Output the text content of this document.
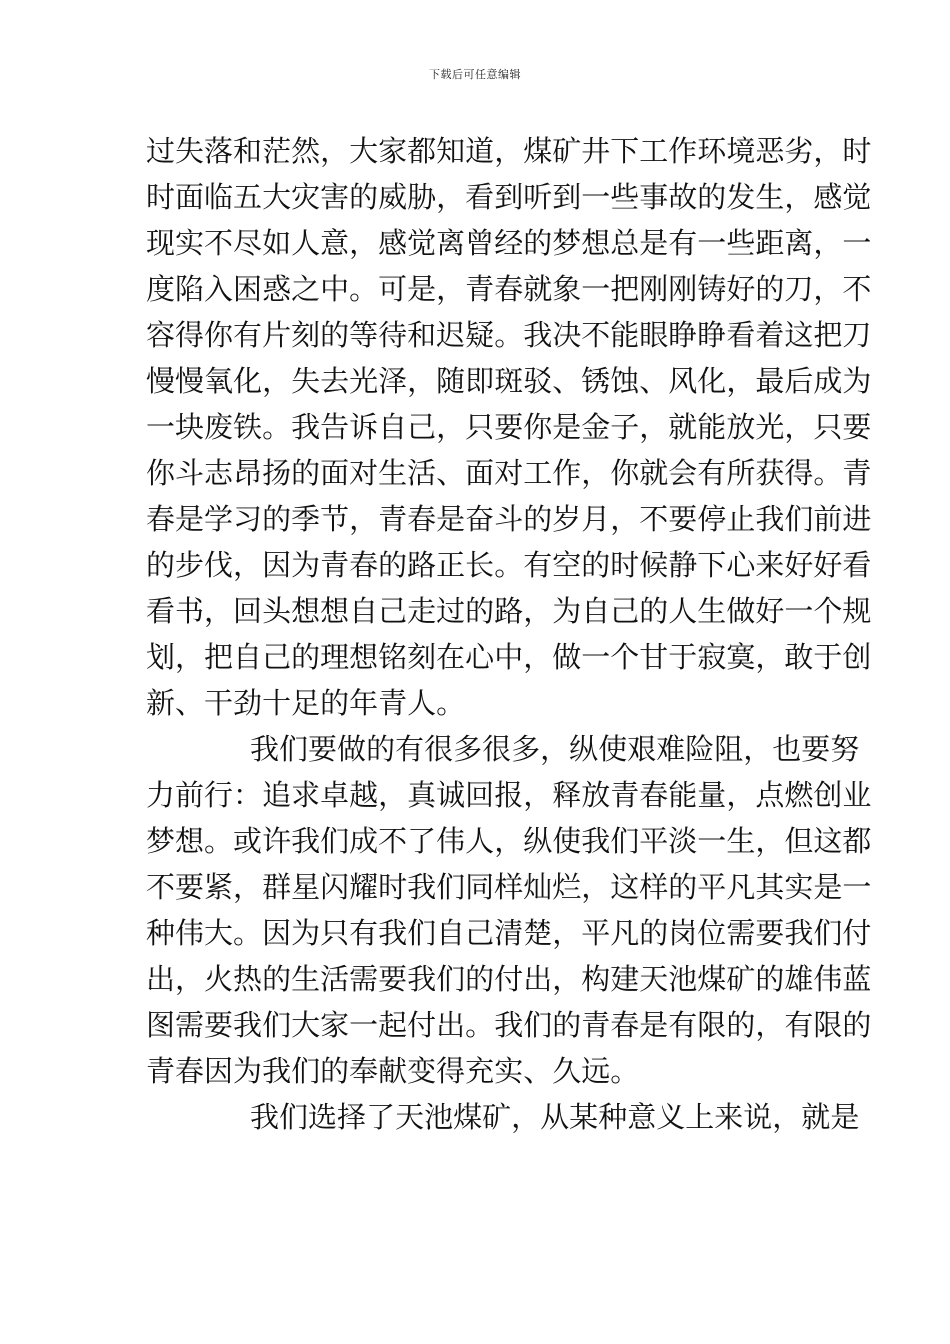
下载后可任意编辑
过 失 落 和 茫 然 ， 大 家 都 知 道 ， 煤 矿 井 下 工 作 环 境 恶 劣 ， 时
时 面 临 五 大 灾 害 的 威 胁 ， 看 到 听 到 一 些 事 故 的 发 生 ， 感 觉
现 实 不 尽 如 人 意 ， 感 觉 离 曾 经 的 梦 想 总 是 有 一 些 距 离 ， 一
度 陷 入 困 惑 之 中 。 可 是 ， 青 春 就 象 一 把 刚 刚 铸 好 的 刀 ， 不
容 得 你 有 片 刻 的 等 待 和 迟 疑 。 我 决 不 能 眼 睁 睁 看 着 这 把 刀
慢 慢 氧 化 ， 失 去 光 泽 ， 随 即 斑 驳 、 锈 蚀 、 风 化 ， 最 后 成 为
一 块 废 铁 。 我 告 诉 自 己 ， 只 要 你 是 金 子 ， 就 能 放 光 ， 只 要
你 斗 志 昂 扬 的 面 对 生 活 、 面 对 工 作 ， 你 就 会 有 所 获 得 。 青
春 是 学 习 的 季 节 ， 青 春 是 奋 斗 的 岁 月 ， 不 要 停 止 我 们 前 进
的 步 伐 ， 因 为 青 春 的 路 正 长 。 有 空 的 时 候 静 下 心 来 好 好 看
看 书 ， 回 头 想 想 自 己 走 过 的 路 ， 为 自 己 的 人 生 做 好 一 个 规
划 ， 把 自 己 的 理 想 铭 刻 在 心 中 ， 做 一 个 甘 于 寂 寞 ， 敢 于 创
新 、 干 劲 十 足 的 年 青 人 。
我 们 要 做 的 有 很 多 很 多 ， 纵 使 艰 难 险 阻 ， 也 要 努
力 前 行 ： 追 求 卓 越 ， 真 诚 回 报 ， 释 放 青 春 能 量 ， 点 燃 创 业
梦 想 。 或 许 我 们 成 不 了 伟 人 ， 纵 使 我 们 平 淡 一 生 ， 但 这 都
不 要 紧 ， 群 星 闪 耀 时 我 们 同 样 灿 烂 ， 这 样 的 平 凡 其 实 是 一
种 伟 大 。 因 为 只 有 我 们 自 己 清 楚 ， 平 凡 的 岗 位 需 要 我 们 付
出 ， 火 热 的 生 活 需 要 我 们 的 付 出 ， 构 建 天 池 煤 矿 的 雄 伟 蓝
图 需 要 我 们 大 家 一 起 付 出 。 我 们 的 青 春 是 有 限 的 ， 有 限 的
青 春 因 为 我 们 的 奉 献 变 得 充 实 、 久 远 。
我 们 选 择 了 天 池 煤 矿 ， 从 某 种 意 义 上 来 说 ， 就 是
